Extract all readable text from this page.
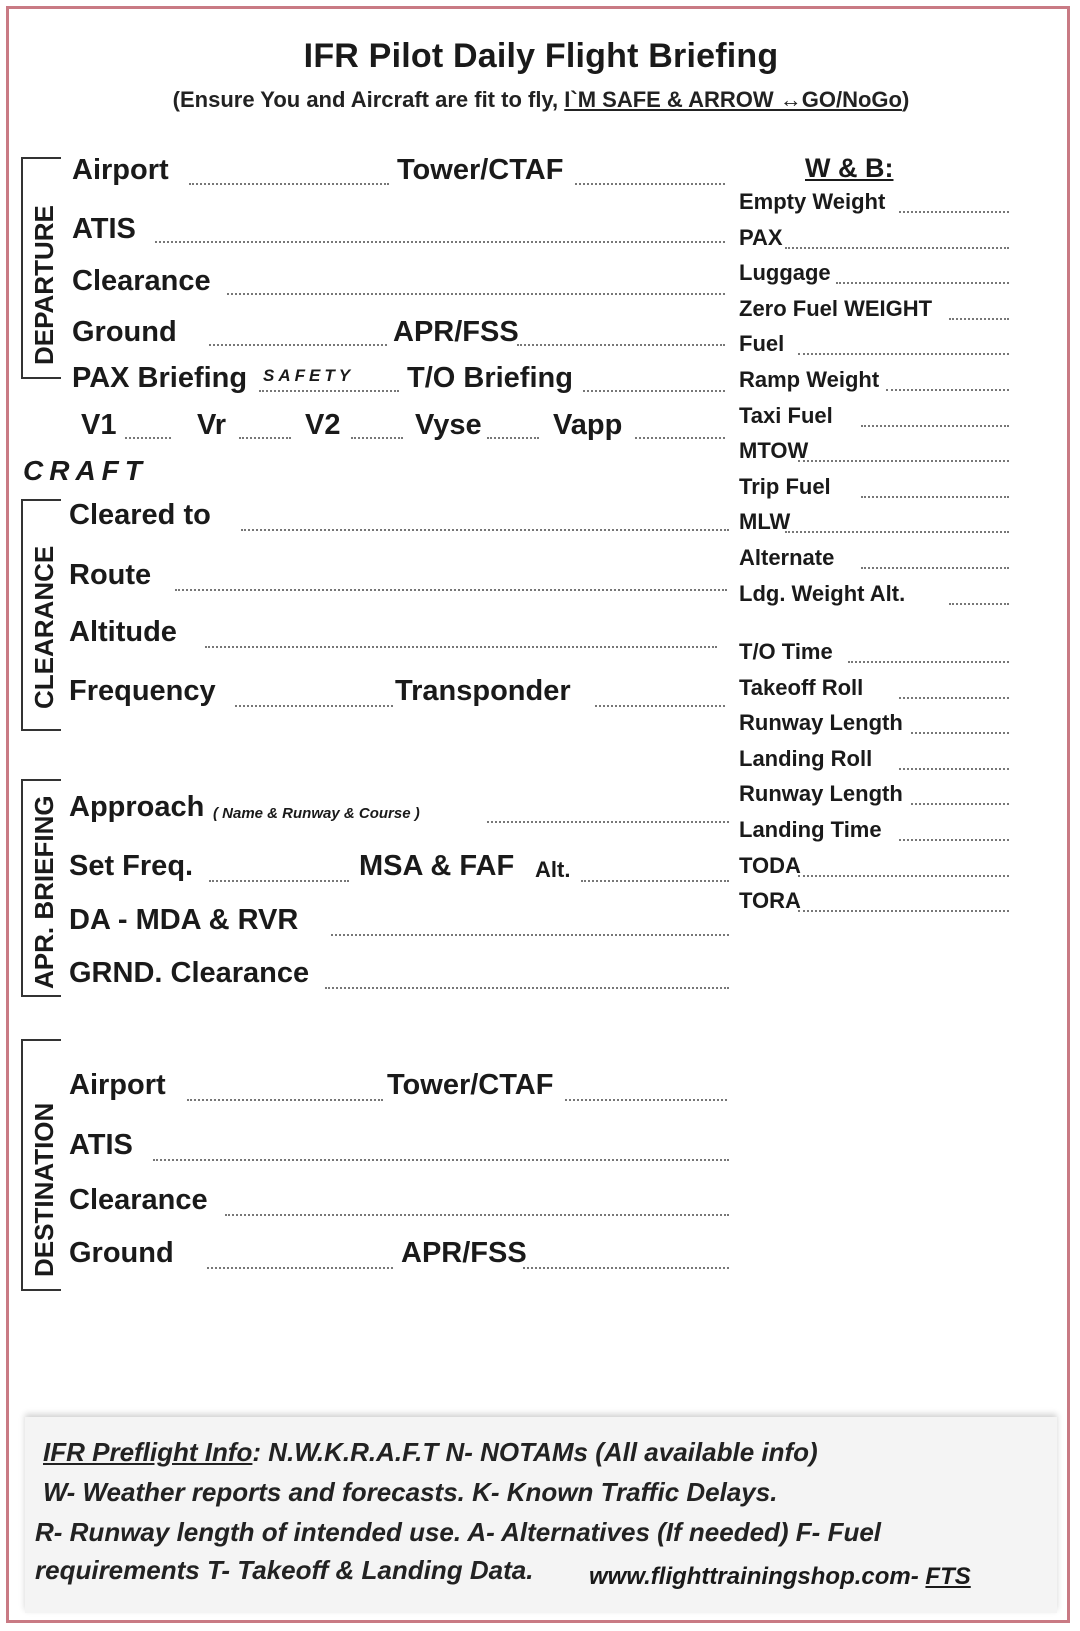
IFR Pilot Daily Flight Briefing
(Ensure You and Aircraft are fit to fly, I`M SAFE & ARROW ↔GO/NoGo)
DEPARTURE
Airport	Tower/CTAF
ATIS
Clearance
Ground	APR/FSS
PAX Briefing SAFETY T/O Briefing
V1	Vr	V2	Vyse Vapp
CRAFT
CLEARANCE
Cleared to
Route
Altitude
Frequency	Transponder
APR. BRIEFING Approach ( Name & Runway & Course )
Set Freq.	MSA & FAF Alt.
DA - MDA & RVR
GRND. Clearance
DESTINATION
Airport	Tower/CTAF
ATIS
Clearance
Ground	APR/FSS
W & B:
Empty Weight
PAX
Luggage
Zero Fuel WEIGHT
Fuel
Ramp Weight
Taxi Fuel
MTOW
Trip Fuel
MLW
Alternate
Ldg. Weight Alt.
T/O Time
Takeoff Roll
Runway Length
Landing Roll
Runway Length
Landing Time
TODA
TORA
IFR Preflight Info: N.W.K.R.A.F.T N- NOTAMs (All available info)
W- Weather reports and forecasts. K- Known Traffic Delays.
R- Runway length of intended use. A- Alternatives (If needed) F- Fuel
requirements T- Takeoff & Landing Data. www.flighttrainingshop.com- FTS
